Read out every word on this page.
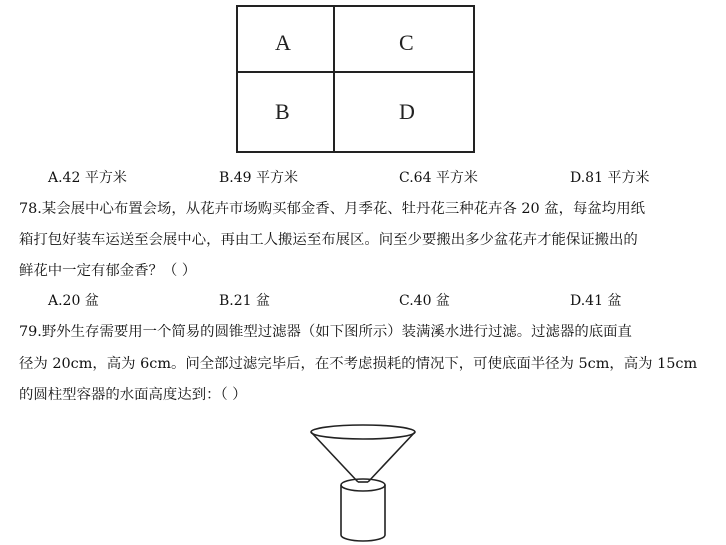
A	C
B	D
A.42 平方米	B.49 平方米	C.64 平方米	D.81 平方米
78.某会展中心布置会场，从花卉市场购买郁金香、月季花、牡丹花三种花卉各 20 盆，每盆均用纸
箱打包好装车运送至会展中心，再由工人搬运至布展区。问至少要搬出多少盆花卉才能保证搬出的
鲜花中一定有郁金香？（ ）
A.20 盆	B.21 盆	C.40 盆	D.41 盆
79.野外生存需要用一个简易的圆锥型过滤器（如下图所示）装满溪水进行过滤。过滤器的底面直
径为 20cm，高为 6cm。问全部过滤完毕后，在不考虑损耗的情况下，可使底面半径为 5cm，高为 15cm
的圆柱型容器的水面高度达到：（ ）
